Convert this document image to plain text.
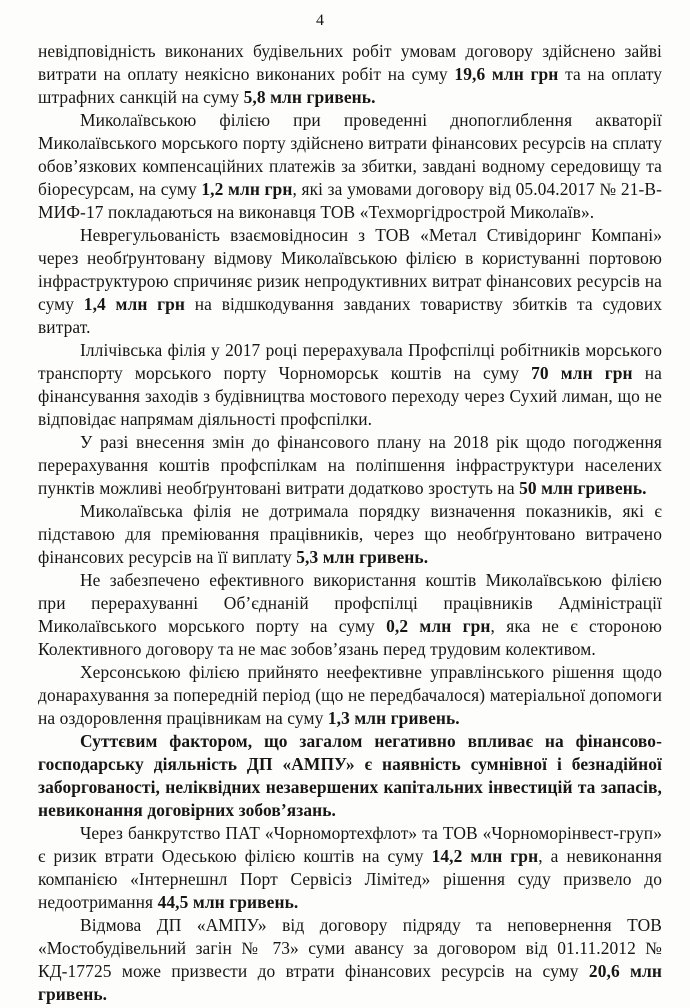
4

невідповідність виконаних будівельних робіт умовам договору здійснено зайві витрати на оплату неякісно виконаних робіт на суму 19,6 млн грн та на оплату штрафних санкцій на суму 5,8 млн гривень.

Миколаївською філією при проведенні днопоглиблення акваторії Миколаївського морського порту здійснено витрати фінансових ресурсів на сплату обов’язкових компенсаційних платежів за збитки, завдані водному середовищу та біоресурсам, на суму 1,2 млн грн, які за умовами договору від 05.04.2017 № 21-В-МИФ-17 покладаються на виконавця ТОВ «Техморгідрострой Миколаїв».

Неврегульованість взаємовідносин з ТОВ «Метал Стивідоринг Компані» через необґрунтовану відмову Миколаївською філією в користуванні портовою інфраструктурою спричиняє ризик непродуктивних витрат фінансових ресурсів на суму 1,4 млн грн на відшкодування завданих товариству збитків та судових витрат.

Іллічівська філія у 2017 році перерахувала Профспілці робітників морського транспорту морського порту Чорноморськ коштів на суму 70 млн грн на фінансування заходів з будівництва мостового переходу через Сухий лиман, що не відповідає напрямам діяльності профспілки.

У разі внесення змін до фінансового плану на 2018 рік щодо погодження перерахування коштів профспілкам на поліпшення інфраструктури населених пунктів можливі необґрунтовані витрати додатково зростуть на 50 млн гривень.

Миколаївська філія не дотримала порядку визначення показників, які є підставою для преміювання працівників, через що необґрунтовано витрачено фінансових ресурсів на її виплату 5,3 млн гривень.

Не забезпечено ефективного використання коштів Миколаївською філією при перерахуванні Об’єднаній профспілці працівників Адміністрації Миколаївського морського порту на суму 0,2 млн грн, яка не є стороною Колективного договору та не має зобов’язань перед трудовим колективом.

Херсонською філією прийнято неефективне управлінського рішення щодо донарахування за попередній період (що не передбачалося) матеріальної допомоги на оздоровлення працівникам на суму 1,3 млн гривень.

Суттєвим фактором, що загалом негативно впливає на фінансово-господарську діяльність ДП «АМПУ» є наявність сумнівної і безнадійної заборгованості, неліквідних незавершених капітальних інвестицій та запасів, невиконання договірних зобов’язань.

Через банкрутство ПАТ «Чорномортехфлот» та ТОВ «Чорноморінвест-груп» є ризик втрати Одеською філією коштів на суму 14,2 млн грн, а невиконання компанією «Інтернешнл Порт Сервісіз Лімітед» рішення суду призвело до недоотримання 44,5 млн гривень.

Відмова ДП «АМПУ» від договору підряду та неповернення ТОВ «Мостобудівельний загін № 73» суми авансу за договором від 01.11.2012 № КД-17725 може призвести до втрати фінансових ресурсів на суму 20,6 млн гривень.
